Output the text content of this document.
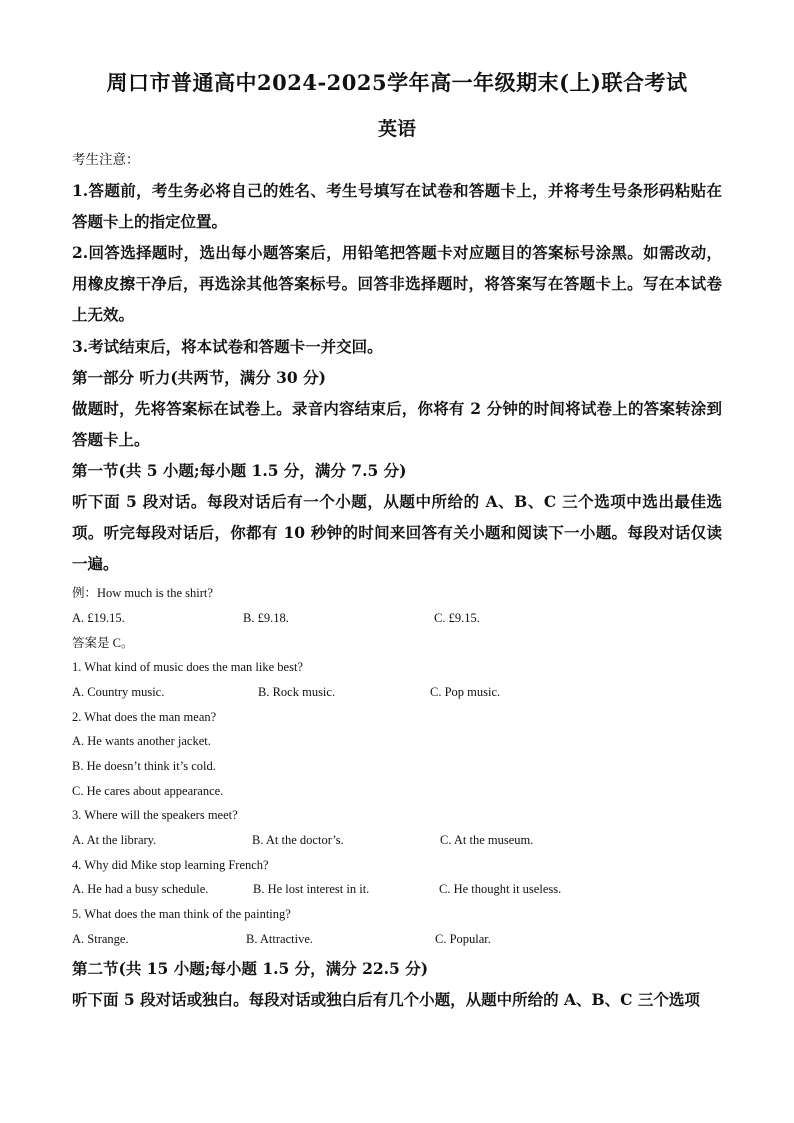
周口市普通高中2024-2025学年高一年级期末(上)联合考试
英语
考生注意：
1.答题前，考生务必将自己的姓名、考生号填写在试卷和答题卡上，并将考生号条形码粘贴在答题卡上的指定位置。
2.回答选择题时，选出每小题答案后，用铅笔把答题卡对应题目的答案标号涂黑。如需改动，用橡皮擦干净后，再选涂其他答案标号。回答非选择题时，将答案写在答题卡上。写在本试卷上无效。
3.考试结束后，将本试卷和答题卡一并交回。
第一部分 听力(共两节，满分 30 分)
做题时，先将答案标在试卷上。录音内容结束后，你将有 2 分钟的时间将试卷上的答案转涂到答题卡上。
第一节(共 5 小题;每小题 1.5 分，满分 7.5 分)
听下面 5 段对话。每段对话后有一个小题，从题中所给的 A、B、C 三个选项中选出最佳选项。听完每段对话后，你都有 10 秒钟的时间来回答有关小题和阅读下一小题。每段对话仅读一遍。
例：How much is the shirt?
A. £19.15.	B. £9.18.	C. £9.15.
答案是 C。
1. What kind of music does the man like best?
A. Country music.	B. Rock music.	C. Pop music.
2. What does the man mean?
A. He wants another jacket.
B. He doesn’t think it’s cold.
C. He cares about appearance.
3. Where will the speakers meet?
A. At the library.	B. At the doctor’s.	C. At the museum.
4. Why did Mike stop learning French?
A. He had a busy schedule.	B. He lost interest in it.	C. He thought it useless.
5. What does the man think of the painting?
A. Strange.	B. Attractive.	C. Popular.
第二节(共 15 小题;每小题 1.5 分，满分 22.5 分)
听下面 5 段对话或独白。每段对话或独白后有几个小题，从题中所给的 A、B、C 三个选项
